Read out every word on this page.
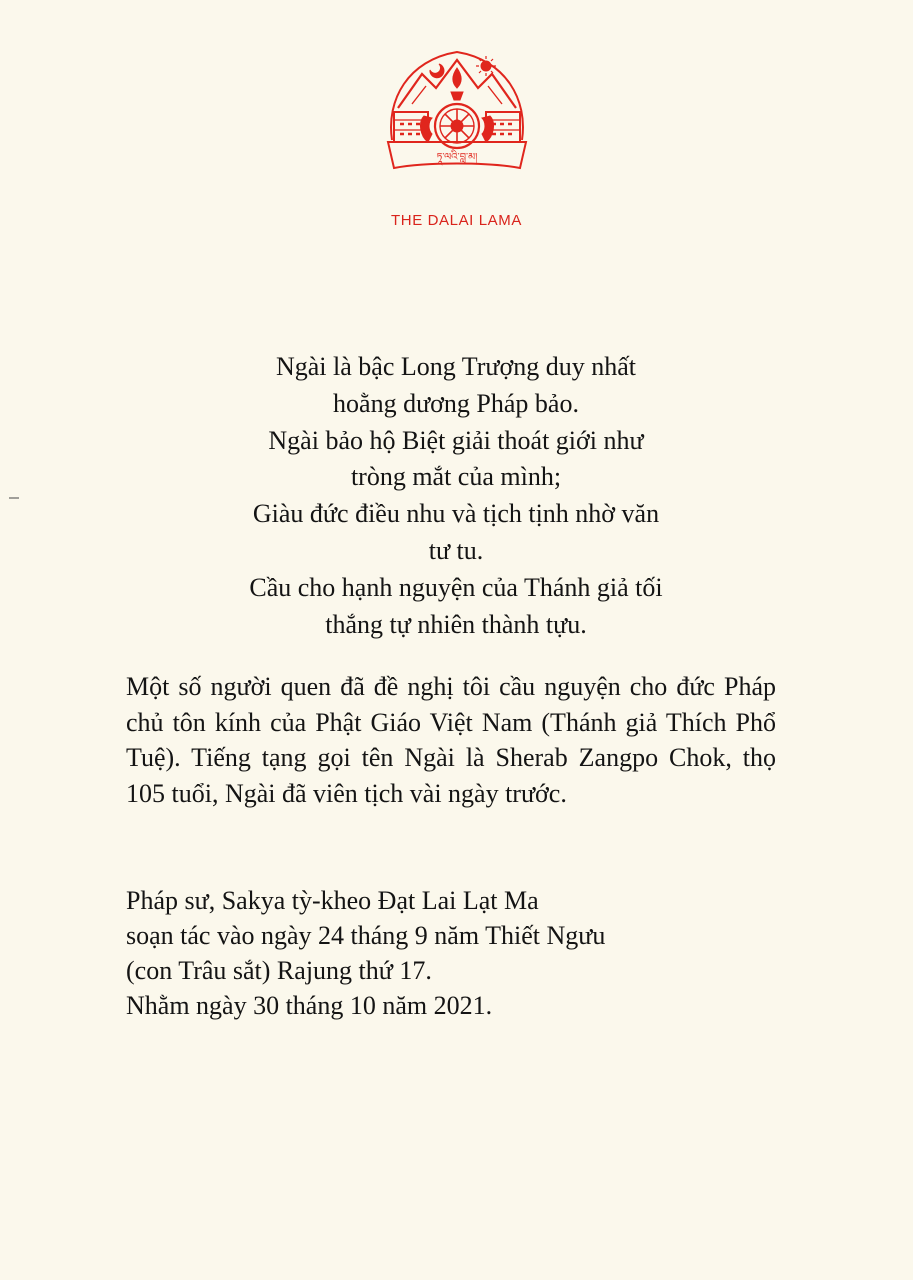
ཏཱ་ལའི་བླ་མ།
THE DALAI LAMA
Ngài là bậc Long Trượng duy nhất
hoằng dương Pháp bảo.
Ngài bảo hộ Biệt giải thoát giới như
tròng mắt của mình;
Giàu đức điều nhu và tịch tịnh nhờ văn
tư tu.
Cầu cho hạnh nguyện của Thánh giả tối
thắng tự nhiên thành tựu.
Một số người quen đã đề nghị tôi cầu nguyện cho đức Pháp chủ tôn kính của Phật Giáo Việt Nam (Thánh giả Thích Phổ Tuệ). Tiếng tạng gọi tên Ngài là Sherab Zangpo Chok, thọ 105 tuổi, Ngài đã viên tịch vài ngày trước.
Pháp sư, Sakya tỳ-kheo Đạt Lai Lạt Ma
soạn tác vào ngày 24 tháng 9 năm Thiết Ngưu
(con Trâu sắt) Rajung thứ 17.
Nhằm ngày 30 tháng 10 năm 2021.
